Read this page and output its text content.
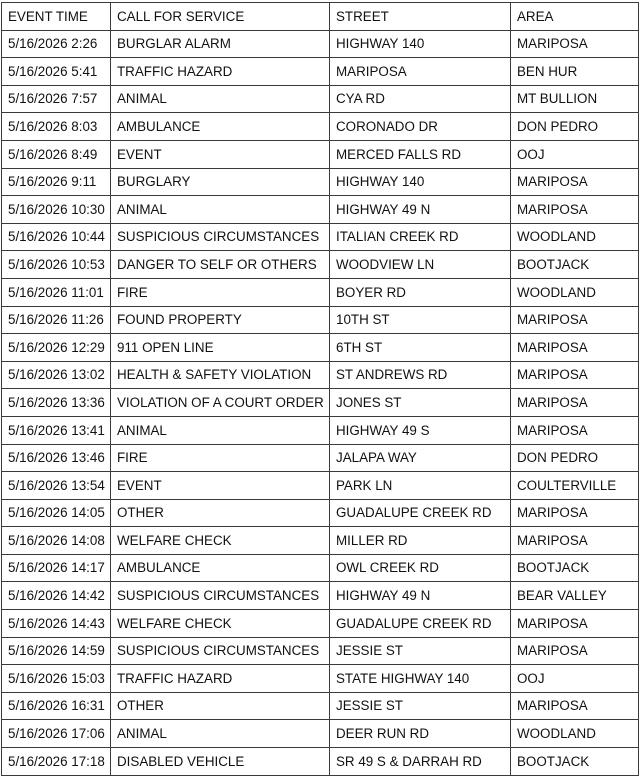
EVENT TIME	CALL FOR SERVICE	STREET	AREA
5/16/2026 2:26	BURGLAR ALARM	HIGHWAY 140	MARIPOSA
5/16/2026 5:41	TRAFFIC HAZARD	MARIPOSA	BEN HUR
5/16/2026 7:57	ANIMAL	CYA RD	MT BULLION
5/16/2026 8:03	AMBULANCE	CORONADO DR	DON PEDRO
5/16/2026 8:49	EVENT	MERCED FALLS RD	OOJ
5/16/2026 9:11	BURGLARY	HIGHWAY 140	MARIPOSA
5/16/2026 10:30	ANIMAL	HIGHWAY 49 N	MARIPOSA
5/16/2026 10:44	SUSPICIOUS CIRCUMSTANCES	ITALIAN CREEK RD	WOODLAND
5/16/2026 10:53	DANGER TO SELF OR OTHERS	WOODVIEW LN	BOOTJACK
5/16/2026 11:01	FIRE	BOYER RD	WOODLAND
5/16/2026 11:26	FOUND PROPERTY	10TH ST	MARIPOSA
5/16/2026 12:29	911 OPEN LINE	6TH ST	MARIPOSA
5/16/2026 13:02	HEALTH & SAFETY VIOLATION	ST ANDREWS RD	MARIPOSA
5/16/2026 13:36	VIOLATION OF A COURT ORDER	JONES ST	MARIPOSA
5/16/2026 13:41	ANIMAL	HIGHWAY 49 S	MARIPOSA
5/16/2026 13:46	FIRE	JALAPA WAY	DON PEDRO
5/16/2026 13:54	EVENT	PARK LN	COULTERVILLE
5/16/2026 14:05	OTHER	GUADALUPE CREEK RD	MARIPOSA
5/16/2026 14:08	WELFARE CHECK	MILLER RD	MARIPOSA
5/16/2026 14:17	AMBULANCE	OWL CREEK RD	BOOTJACK
5/16/2026 14:42	SUSPICIOUS CIRCUMSTANCES	HIGHWAY 49 N	BEAR VALLEY
5/16/2026 14:43	WELFARE CHECK	GUADALUPE CREEK RD	MARIPOSA
5/16/2026 14:59	SUSPICIOUS CIRCUMSTANCES	JESSIE ST	MARIPOSA
5/16/2026 15:03	TRAFFIC HAZARD	STATE HIGHWAY 140	OOJ
5/16/2026 16:31	OTHER	JESSIE ST	MARIPOSA
5/16/2026 17:06	ANIMAL	DEER RUN RD	WOODLAND
5/16/2026 17:18	DISABLED VEHICLE	SR 49 S & DARRAH RD	BOOTJACK
